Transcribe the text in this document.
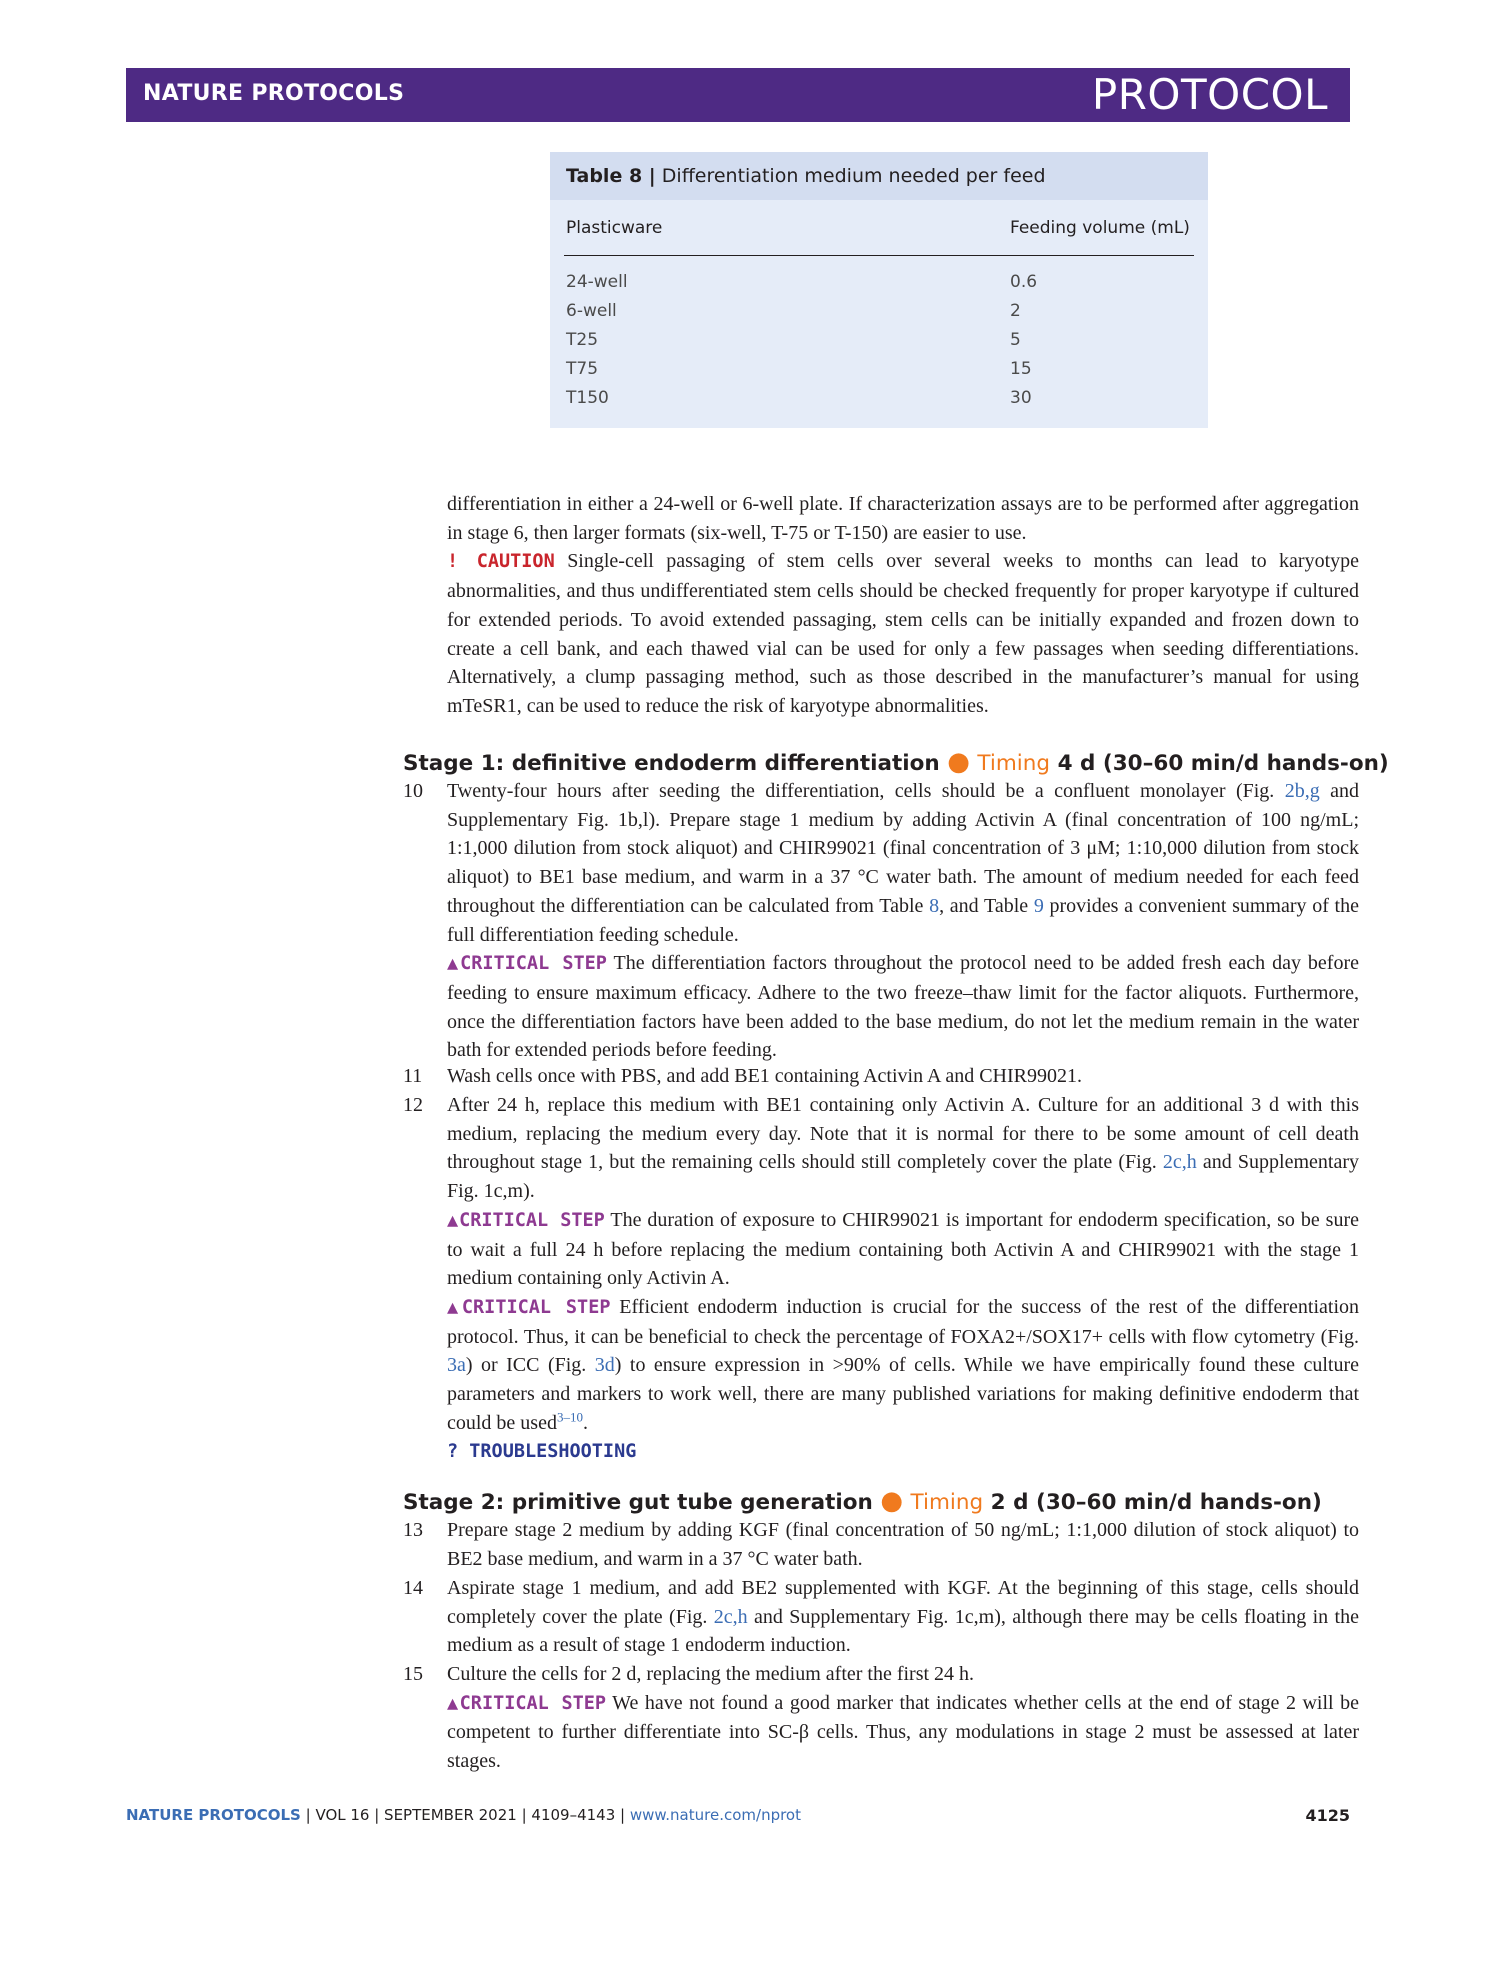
NATURE PROTOCOLS	PROTOCOL
Table 8 | Differentiation medium needed per feed
Plasticware	Feeding volume (mL)
24-well	0.6
6-well	2
T25	5
T75	15
T150	30
differentiation in either a 24-well or 6-well plate. If characterization assays are to be performed after aggregation in stage 6, then larger formats (six-well, T-75 or T-150) are easier to use.
! CAUTION Single-cell passaging of stem cells over several weeks to months can lead to karyotype abnormalities, and thus undifferentiated stem cells should be checked frequently for proper karyotype if cultured for extended periods. To avoid extended passaging, stem cells can be initially expanded and frozen down to create a cell bank, and each thawed vial can be used for only a few passages when seeding differentiations. Alternatively, a clump passaging method, such as those described in the manufacturer’s manual for using mTeSR1, can be used to reduce the risk of karyotype abnormalities.
Stage 1: definitive endoderm differentiation ● Timing 4 d (30–60 min/d hands-on)
10	Twenty-four hours after seeding the differentiation, cells should be a confluent monolayer (Fig. 2b,g and Supplementary Fig. 1b,l). Prepare stage 1 medium by adding Activin A (final concentration of 100 ng/mL; 1:1,000 dilution from stock aliquot) and CHIR99021 (final concentration of 3 μM; 1:10,000 dilution from stock aliquot) to BE1 base medium, and warm in a 37 °C water bath. The amount of medium needed for each feed throughout the differentiation can be calculated from Table 8, and Table 9 provides a convenient summary of the full differentiation feeding schedule.
▲CRITICAL STEP The differentiation factors throughout the protocol need to be added fresh each day before feeding to ensure maximum efficacy. Adhere to the two freeze–thaw limit for the factor aliquots. Furthermore, once the differentiation factors have been added to the base medium, do not let the medium remain in the water bath for extended periods before feeding.
11	Wash cells once with PBS, and add BE1 containing Activin A and CHIR99021.
12	After 24 h, replace this medium with BE1 containing only Activin A. Culture for an additional 3 d with this medium, replacing the medium every day. Note that it is normal for there to be some amount of cell death throughout stage 1, but the remaining cells should still completely cover the plate (Fig. 2c,h and Supplementary Fig. 1c,m).
▲CRITICAL STEP The duration of exposure to CHIR99021 is important for endoderm specification, so be sure to wait a full 24 h before replacing the medium containing both Activin A and CHIR99021 with the stage 1 medium containing only Activin A.
▲CRITICAL STEP Efficient endoderm induction is crucial for the success of the rest of the differentiation protocol. Thus, it can be beneficial to check the percentage of FOXA2+/SOX17+ cells with flow cytometry (Fig. 3a) or ICC (Fig. 3d) to ensure expression in >90% of cells. While we have empirically found these culture parameters and markers to work well, there are many published variations for making definitive endoderm that could be used$^{3-10}$.
? TROUBLESHOOTING
Stage 2: primitive gut tube generation ● Timing 2 d (30–60 min/d hands-on)
13	Prepare stage 2 medium by adding KGF (final concentration of 50 ng/mL; 1:1,000 dilution of stock aliquot) to BE2 base medium, and warm in a 37 °C water bath.
14	Aspirate stage 1 medium, and add BE2 supplemented with KGF. At the beginning of this stage, cells should completely cover the plate (Fig. 2c,h and Supplementary Fig. 1c,m), although there may be cells floating in the medium as a result of stage 1 endoderm induction.
15	Culture the cells for 2 d, replacing the medium after the first 24 h.
▲CRITICAL STEP We have not found a good marker that indicates whether cells at the end of stage 2 will be competent to further differentiate into SC-β cells. Thus, any modulations in stage 2 must be assessed at later stages.
NATURE PROTOCOLS | VOL 16 | SEPTEMBER 2021 | 4109–4143 | www.nature.com/nprot	4125
